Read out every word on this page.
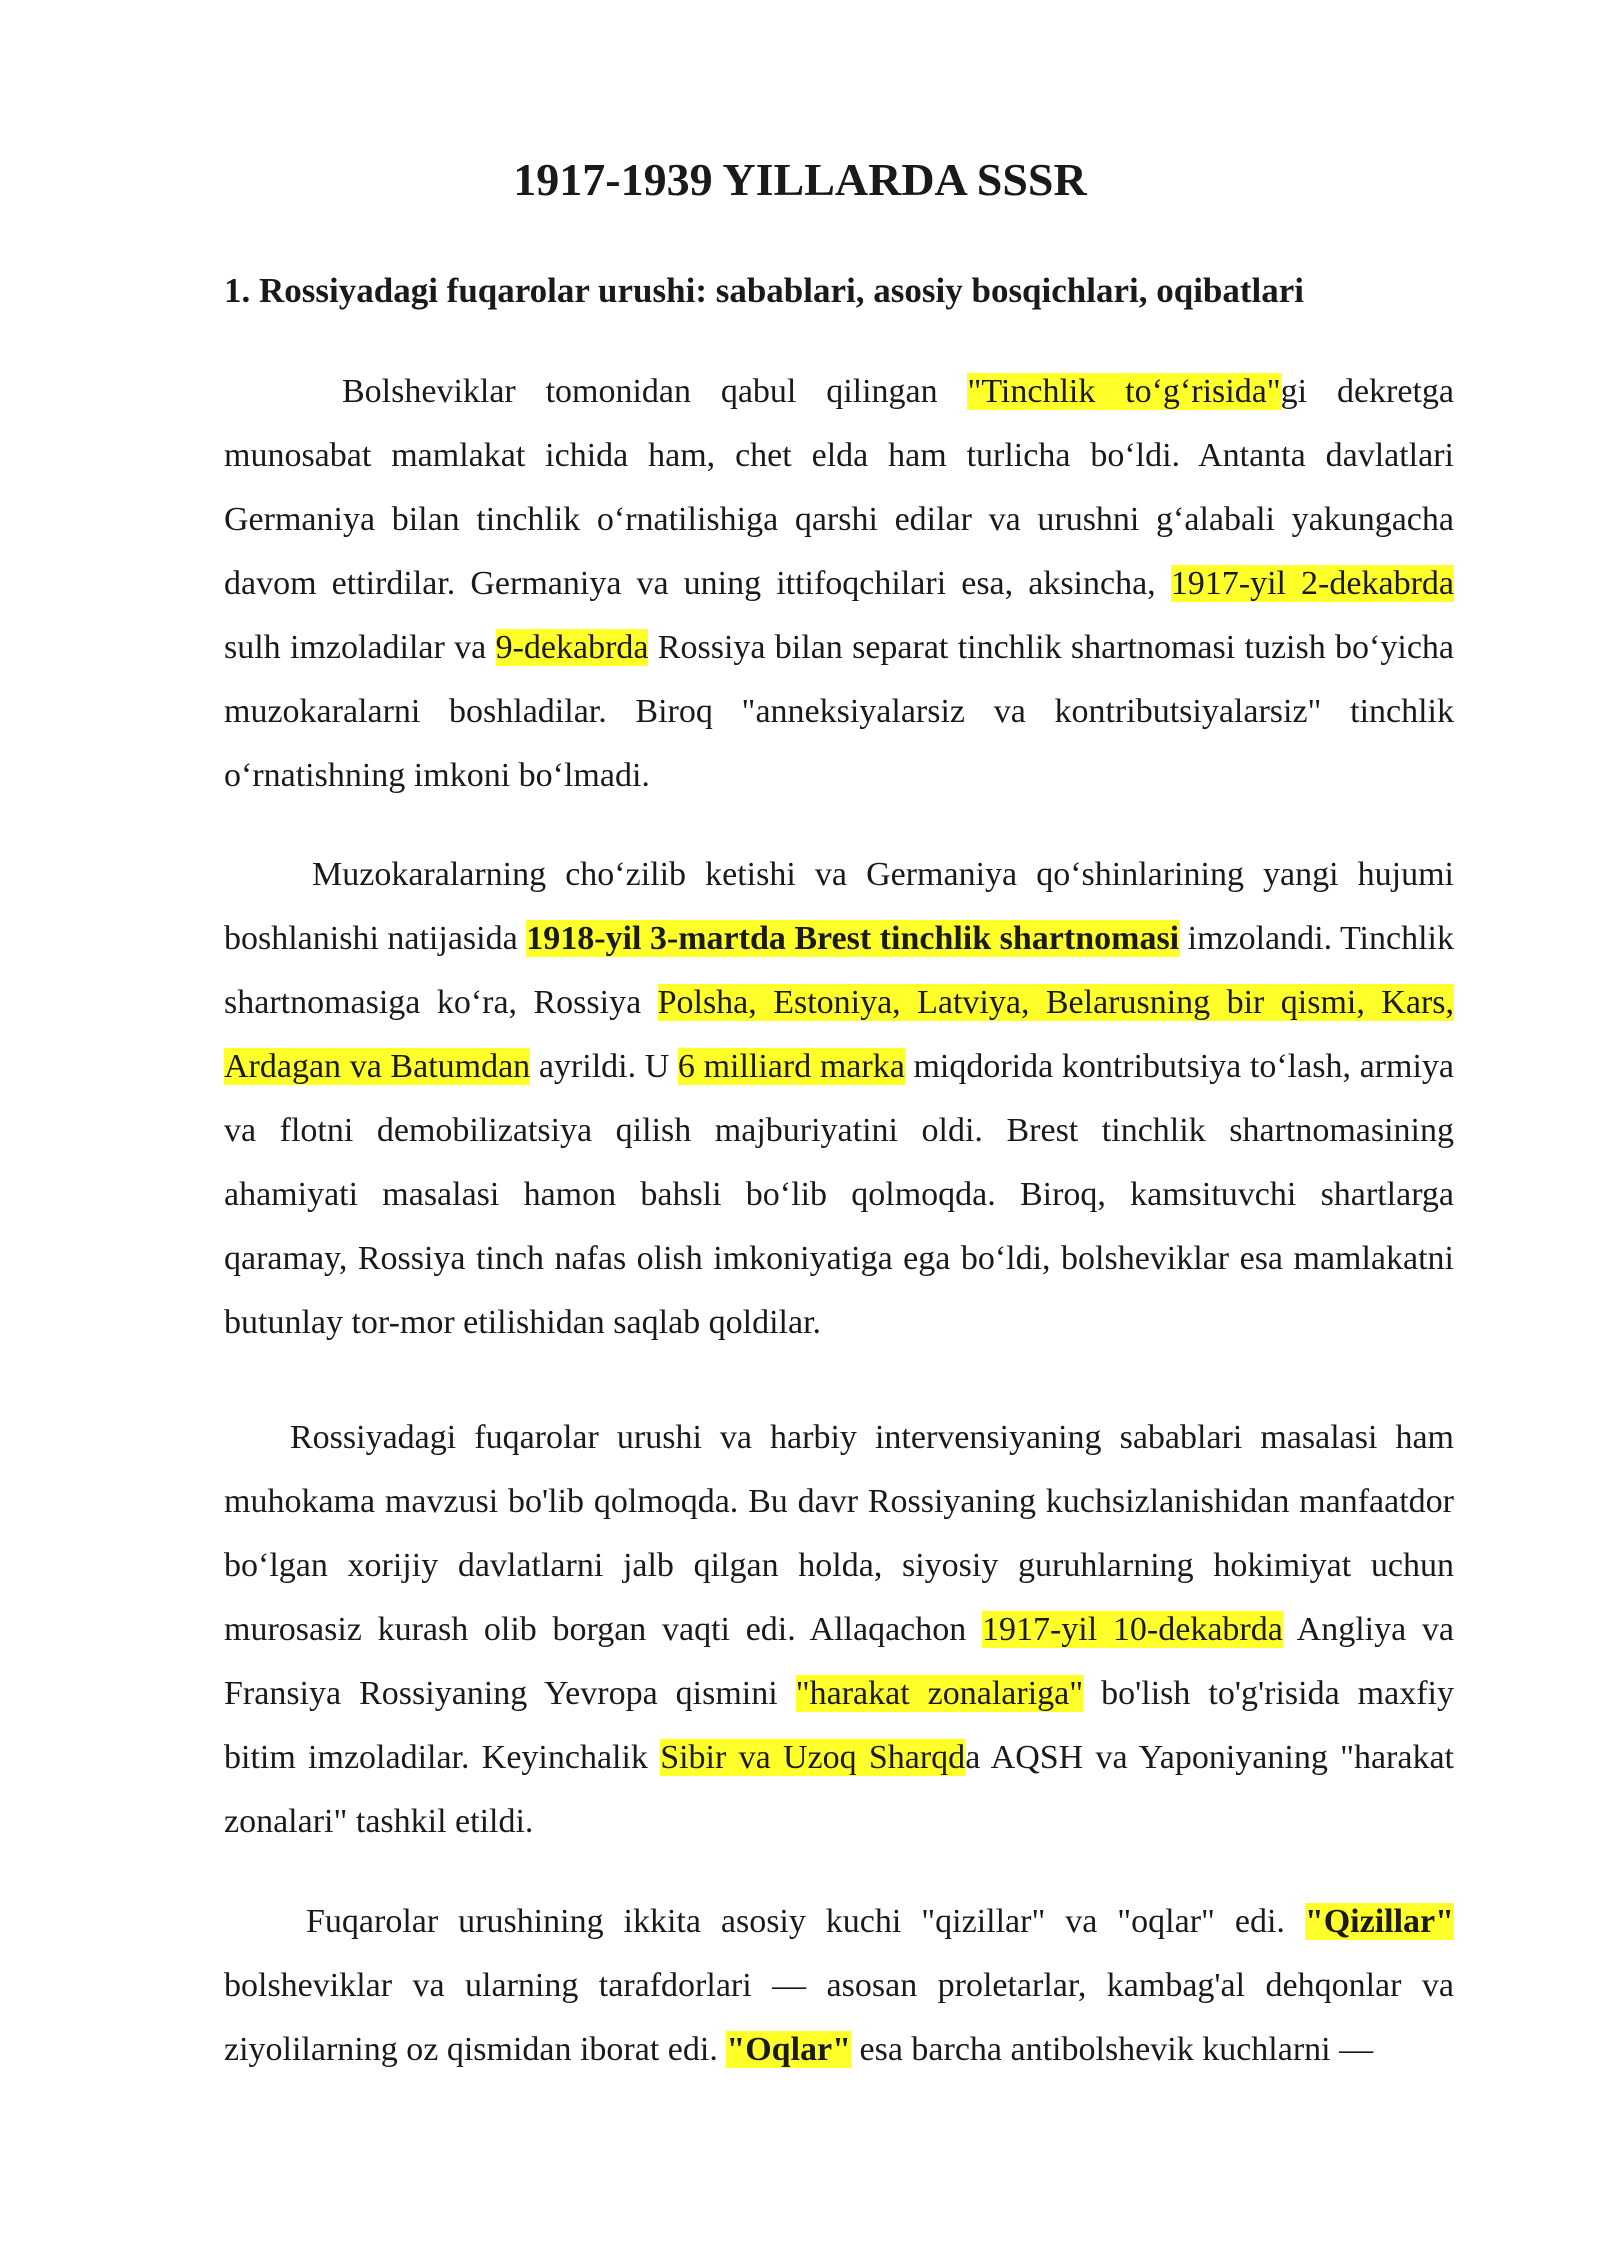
1917-1939 YILLARDA SSSR
1. Rossiyadagi fuqarolar urushi: sabablari, asosiy bosqichlari, oqibatlari

Bolsheviklar tomonidan qabul qilingan "Tinchlik to‘g‘risida"gi dekretga munosabat mamlakat ichida ham, chet elda ham turlicha bo‘ldi. Antanta davlatlari Germaniya bilan tinchlik o‘rnatilishiga qarshi edilar va urushni g‘alabali yakungacha davom ettirdilar. Germaniya va uning ittifoqchilari esa, aksincha, 1917-yil 2-dekabrda sulh imzoladilar va 9-dekabrda Rossiya bilan separat tinchlik shartnomasi tuzish bo‘yicha muzokaralarni boshladilar. Biroq "anneksiyalarsiz va kontributsiyalarsiz" tinchlik o‘rnatishning imkoni bo‘lmadi.

Muzokaralarning cho‘zilib ketishi va Germaniya qo‘shinlarining yangi hujumi boshlanishi natijasida 1918-yil 3-martda Brest tinchlik shartnomasi imzolandi. Tinchlik shartnomasiga ko‘ra, Rossiya Polsha, Estoniya, Latviya, Belarusning bir qismi, Kars, Ardagan va Batumdan ayrildi. U 6 milliard marka miqdorida kontributsiya to‘lash, armiya va flotni demobilizatsiya qilish majburiyatini oldi. Brest tinchlik shartnomasining ahamiyati masalasi hamon bahsli bo‘lib qolmoqda. Biroq, kamsituvchi shartlarga qaramay, Rossiya tinch nafas olish imkoniyatiga ega bo‘ldi, bolsheviklar esa mamlakatni butunlay tor-mor etilishidan saqlab qoldilar.

Rossiyadagi fuqarolar urushi va harbiy intervensiyaning sabablari masalasi ham muhokama mavzusi bo'lib qolmoqda. Bu davr Rossiyaning kuchsizlanishidan manfaatdor bo‘lgan xorijiy davlatlarni jalb qilgan holda, siyosiy guruhlarning hokimiyat uchun murosasiz kurash olib borgan vaqti edi. Allaqachon 1917-yil 10-dekabrda Angliya va Fransiya Rossiyaning Yevropa qismini "harakat zonalariga" bo'lish to'g'risida maxfiy bitim imzoladilar. Keyinchalik Sibir va Uzoq Sharqda AQSH va Yaponiyaning "harakat zonalari" tashkil etildi.

Fuqarolar urushining ikkita asosiy kuchi "qizillar" va "oqlar" edi. "Qizillar" bolsheviklar va ularning tarafdorlari — asosan proletarlar, kambag'al dehqonlar va ziyolilarning oz qismidan iborat edi. "Oqlar" esa barcha antibolshevik kuchlarni —
